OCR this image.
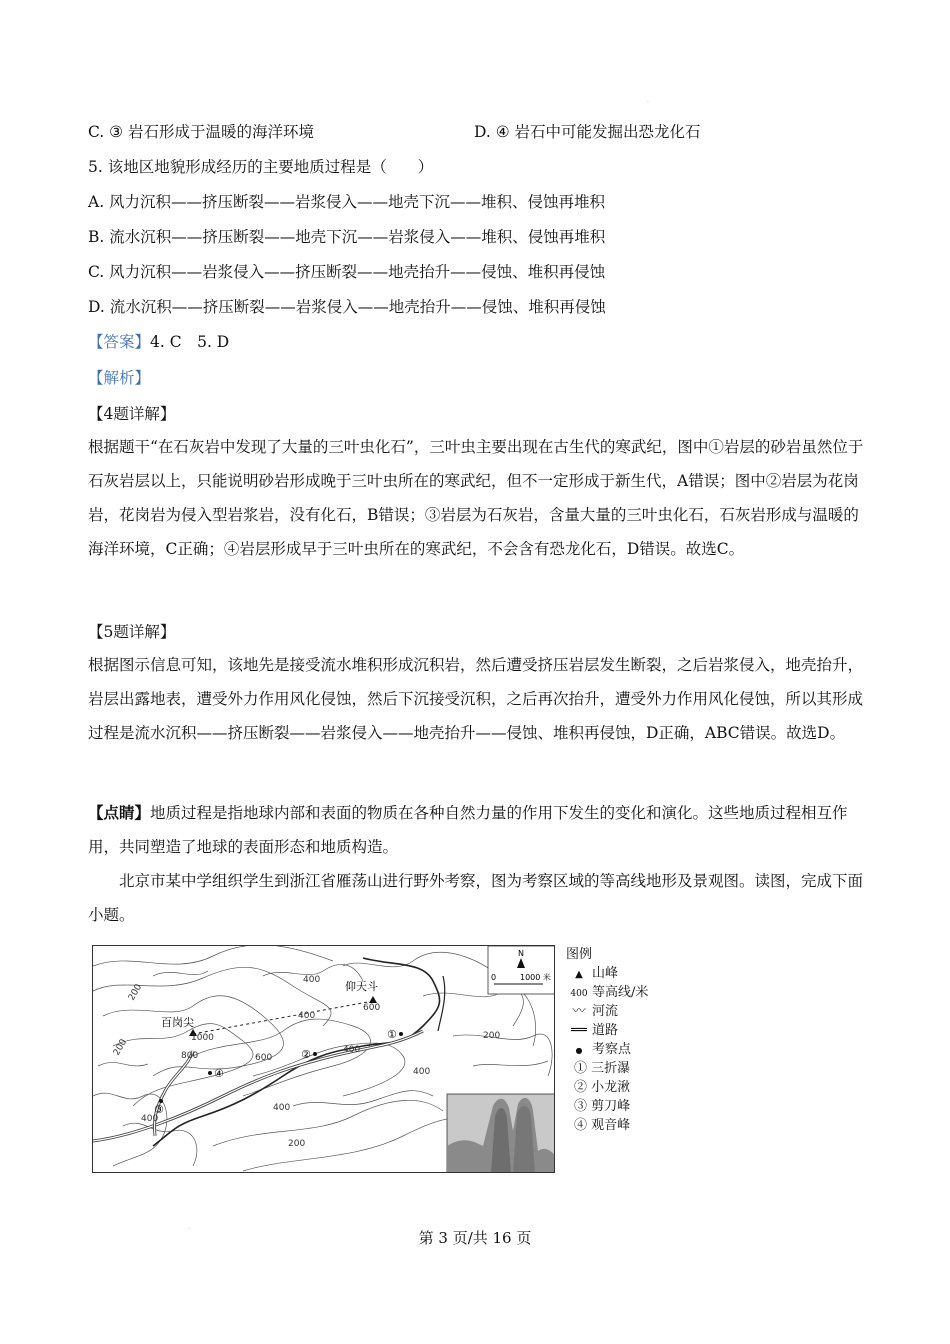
.
C. ③ 岩石形成于温暖的海洋环境	D. ④ 岩石中可能发掘出恐龙化石
5. 该地区地貌形成经历的主要地质过程是（　　）
A. 风力沉积——挤压断裂——岩浆侵入——地壳下沉——堆积、侵蚀再堆积
B. 流水沉积——挤压断裂——地壳下沉——岩浆侵入——堆积、侵蚀再堆积
C. 风力沉积——岩浆侵入——挤压断裂——地壳抬升——侵蚀、堆积再侵蚀
D. 流水沉积——挤压断裂——岩浆侵入——地壳抬升——侵蚀、堆积再侵蚀
【答案】4. C　5. D
【解析】
【4题详解】
根据题干“在石灰岩中发现了大量的三叶虫化石”，三叶虫主要出现在古生代的寒武纪，图中①岩层的砂岩虽然位于石灰岩层以上，只能说明砂岩形成晚于三叶虫所在的寒武纪，但不一定形成于新生代，A错误；图中②岩层为花岗岩，花岗岩为侵入型岩浆岩，没有化石，B错误；③岩层为石灰岩，含量大量的三叶虫化石，石灰岩形成与温暖的海洋环境，C正确；④岩层形成早于三叶虫所在的寒武纪，不会含有恐龙化石，D错误。故选C。
【5题详解】
根据图示信息可知，该地先是接受流水堆积形成沉积岩，然后遭受挤压岩层发生断裂，之后岩浆侵入，地壳抬升，岩层出露地表，遭受外力作用风化侵蚀，然后下沉接受沉积，之后再次抬升，遭受外力作用风化侵蚀，所以其形成过程是流水沉积——挤压断裂——岩浆侵入——地壳抬升——侵蚀、堆积再侵蚀，D正确，ABC错误。故选D。
【点睛】地质过程是指地球内部和表面的物质在各种自然力量的作用下发生的变化和演化。这些地质过程相互作用，共同塑造了地球的表面形态和地质构造。
北京市某中学组织学生到浙江省雁荡山进行野外考察，图为考察区域的等高线地形及景观图。读图，完成下面小题。
百岗尖
仰天斗
200
200	1000
800	600
400
600
400
400
200
400
400
400
200
①
②
③
④
N
0	1000 米
图例
▲ 山峰
400 等高线/米
〰 河流
══ 道路
● 考察点
① 三折瀑
② 小龙湫
③ 剪刀峰
④ 观音峰
.
第 3 页/共 16 页
